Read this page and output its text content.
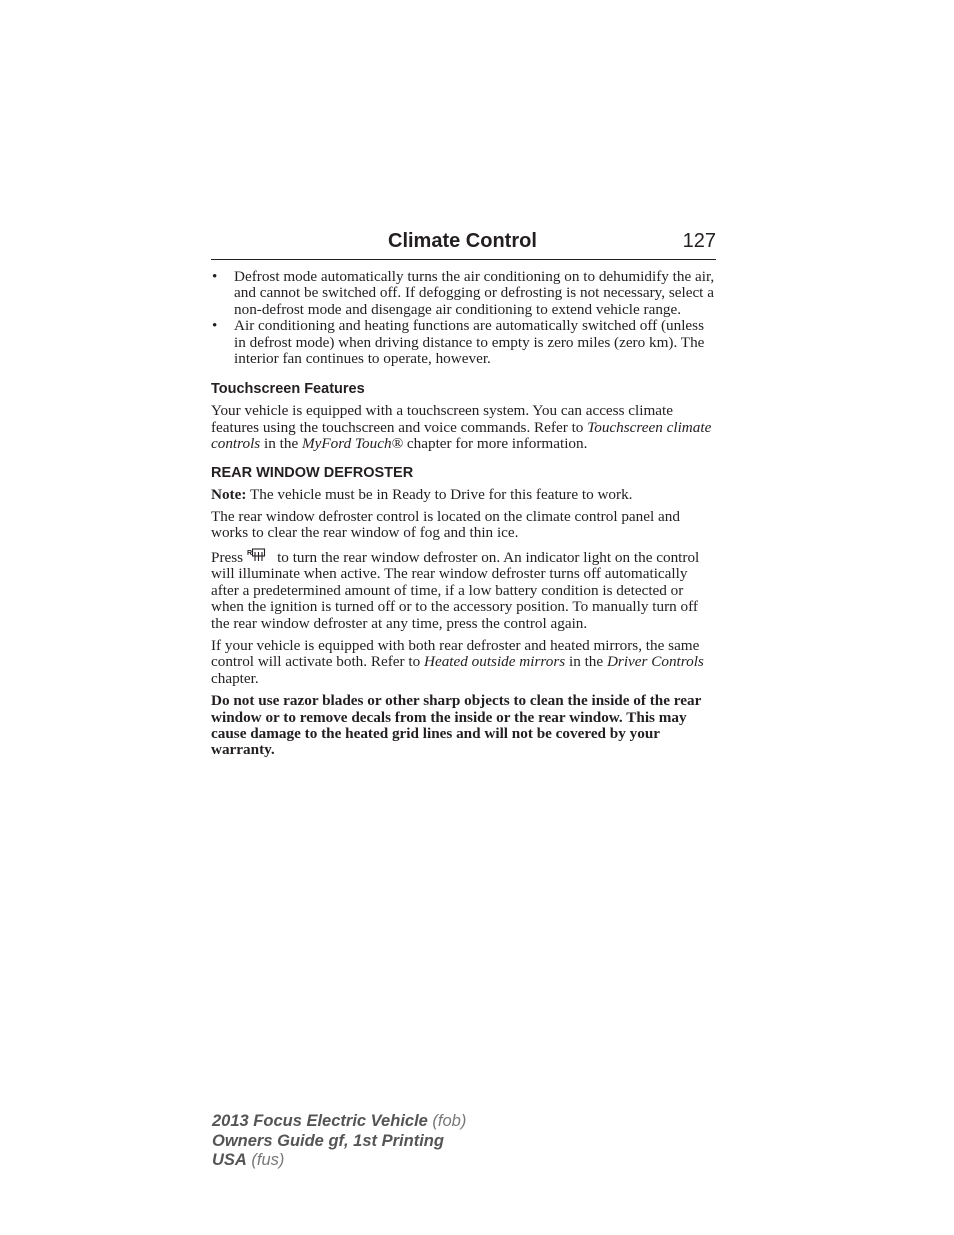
Climate Control	127
• Defrost mode automatically turns the air conditioning on to dehumidify the air, and cannot be switched off. If defogging or defrosting is not necessary, select a non-defrost mode and disengage air conditioning to extend vehicle range.
• Air conditioning and heating functions are automatically switched off (unless in defrost mode) when driving distance to empty is zero miles (zero km). The interior fan continues to operate, however.
Touchscreen Features

Your vehicle is equipped with a touchscreen system. You can access climate features using the touchscreen and voice commands. Refer to Touchscreen climate controls in the MyFord Touch® chapter for more information.

REAR WINDOW DEFROSTER

Note: The vehicle must be in Ready to Drive for this feature to work.

The rear window defroster control is located on the climate control panel and works to clear the rear window of fog and thin ice.

Press R to turn the rear window defroster on. An indicator light on the control will illuminate when active. The rear window defroster turns off automatically after a predetermined amount of time, if a low battery condition is detected or when the ignition is turned off or to the accessory position. To manually turn off the rear window defroster at any time, press the control again.

If your vehicle is equipped with both rear defroster and heated mirrors, the same control will activate both. Refer to Heated outside mirrors in the Driver Controls chapter.

Do not use razor blades or other sharp objects to clean the inside of the rear window or to remove decals from the inside or the rear window. This may cause damage to the heated grid lines and will not be covered by your warranty.

2013 Focus Electric Vehicle (fob)
Owners Guide gf, 1st Printing
USA (fus)
